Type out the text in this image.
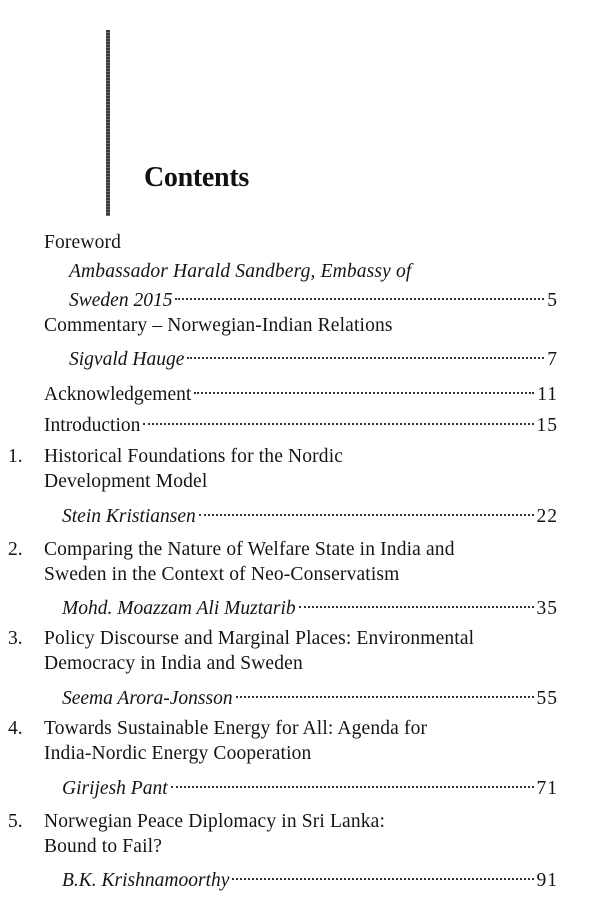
Contents
Foreword
Ambassador Harald Sandberg, Embassy of
Sweden 2015	5
Commentary – Norwegian-Indian Relations
Sigvald Hauge	7
Acknowledgement	11
Introduction	15
1. Historical Foundations for the Nordic
Development Model
Stein Kristiansen	22
2. Comparing the Nature of Welfare State in India and
Sweden in the Context of Neo-Conservatism
Mohd. Moazzam Ali Muztarib	35
3. Policy Discourse and Marginal Places: Environmental
Democracy in India and Sweden
Seema Arora-Jonsson	55
4. Towards Sustainable Energy for All: Agenda for
India-Nordic Energy Cooperation
Girijesh Pant	71
5. Norwegian Peace Diplomacy in Sri Lanka:
Bound to Fail?
B.K. Krishnamoorthy	91
